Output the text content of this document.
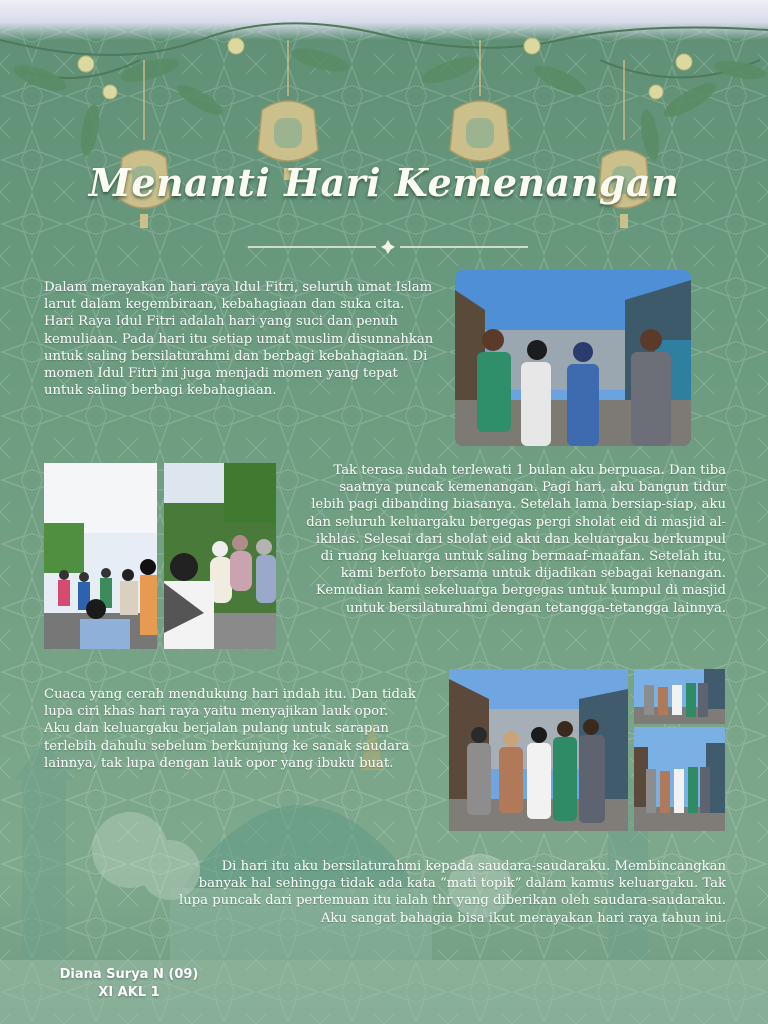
Menanti Hari Kemenangan

Dalam merayakan hari raya Idul Fitri, seluruh umat Islam larut dalam kegembiraan, kebahagiaan dan suka cita. Hari Raya Idul Fitri adalah hari yang suci dan penuh kemuliaan. Pada hari itu setiap umat muslim disunnahkan untuk saling bersilaturahmi dan berbagi kebahagiaan. Di momen Idul Fitri ini juga menjadi momen yang tepat untuk saling berbagi kebahagiaan.

Tak terasa sudah terlewati 1 bulan aku berpuasa. Dan tiba saatnya puncak kemenangan. Pagi hari, aku bangun tidur lebih pagi dibanding biasanya. Setelah lama bersiap-siap, aku dan seluruh keluargaku bergegas pergi sholat eid di masjid al-ikhlas. Selesai dari sholat eid aku dan keluargaku berkumpul di ruang keluarga untuk saling bermaaf-maafan. Setelah itu, kami berfoto bersama untuk dijadikan sebagai kenangan. Kemudian kami sekeluarga bergegas untuk kumpul di masjid untuk bersilaturahmi dengan tetangga-tetangga lainnya.

Cuaca yang cerah mendukung hari indah itu. Dan tidak lupa ciri khas hari raya yaitu menyajikan lauk opor. Aku dan keluargaku berjalan pulang untuk sarapan terlebih dahulu sebelum berkunjung ke sanak saudara lainnya, tak lupa dengan lauk opor yang ibuku buat.

Di hari itu aku bersilaturahmi kepada saudara-saudaraku. Membincangkan banyak hal sehingga tidak ada kata “mati topik” dalam kamus keluargaku. Tak lupa puncak dari pertemuan itu ialah thr yang diberikan oleh saudara-saudaraku. Aku sangat bahagia bisa ikut merayakan hari raya tahun ini.

Diana Surya N (09)
XI AKL 1
